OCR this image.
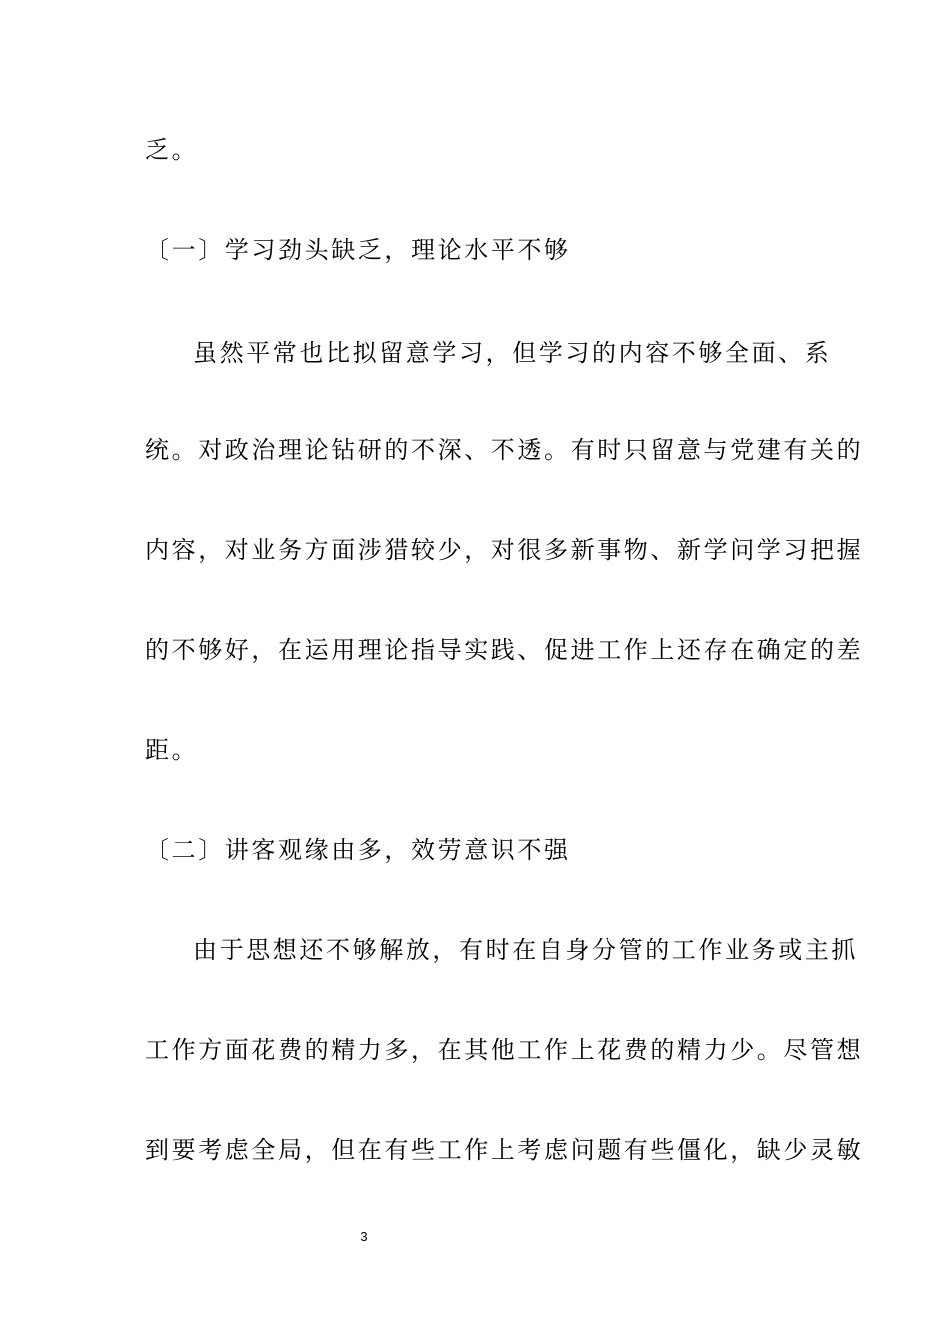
乏。
〔一〕学习劲头缺乏，理论水平不够
虽然平常也比拟留意学习，但学习的内容不够全面、系
统。对政治理论钻研的不深、不透。有时只留意与党建有关的
内容，对业务方面涉猎较少，对很多新事物、新学问学习把握
的不够好，在运用理论指导实践、促进工作上还存在确定的差
距。
〔二〕讲客观缘由多，效劳意识不强
由于思想还不够解放，有时在自身分管的工作业务或主抓
工作方面花费的精力多，在其他工作上花费的精力少。尽管想
到要考虑全局，但在有些工作上考虑问题有些僵化，缺少灵敏
3
